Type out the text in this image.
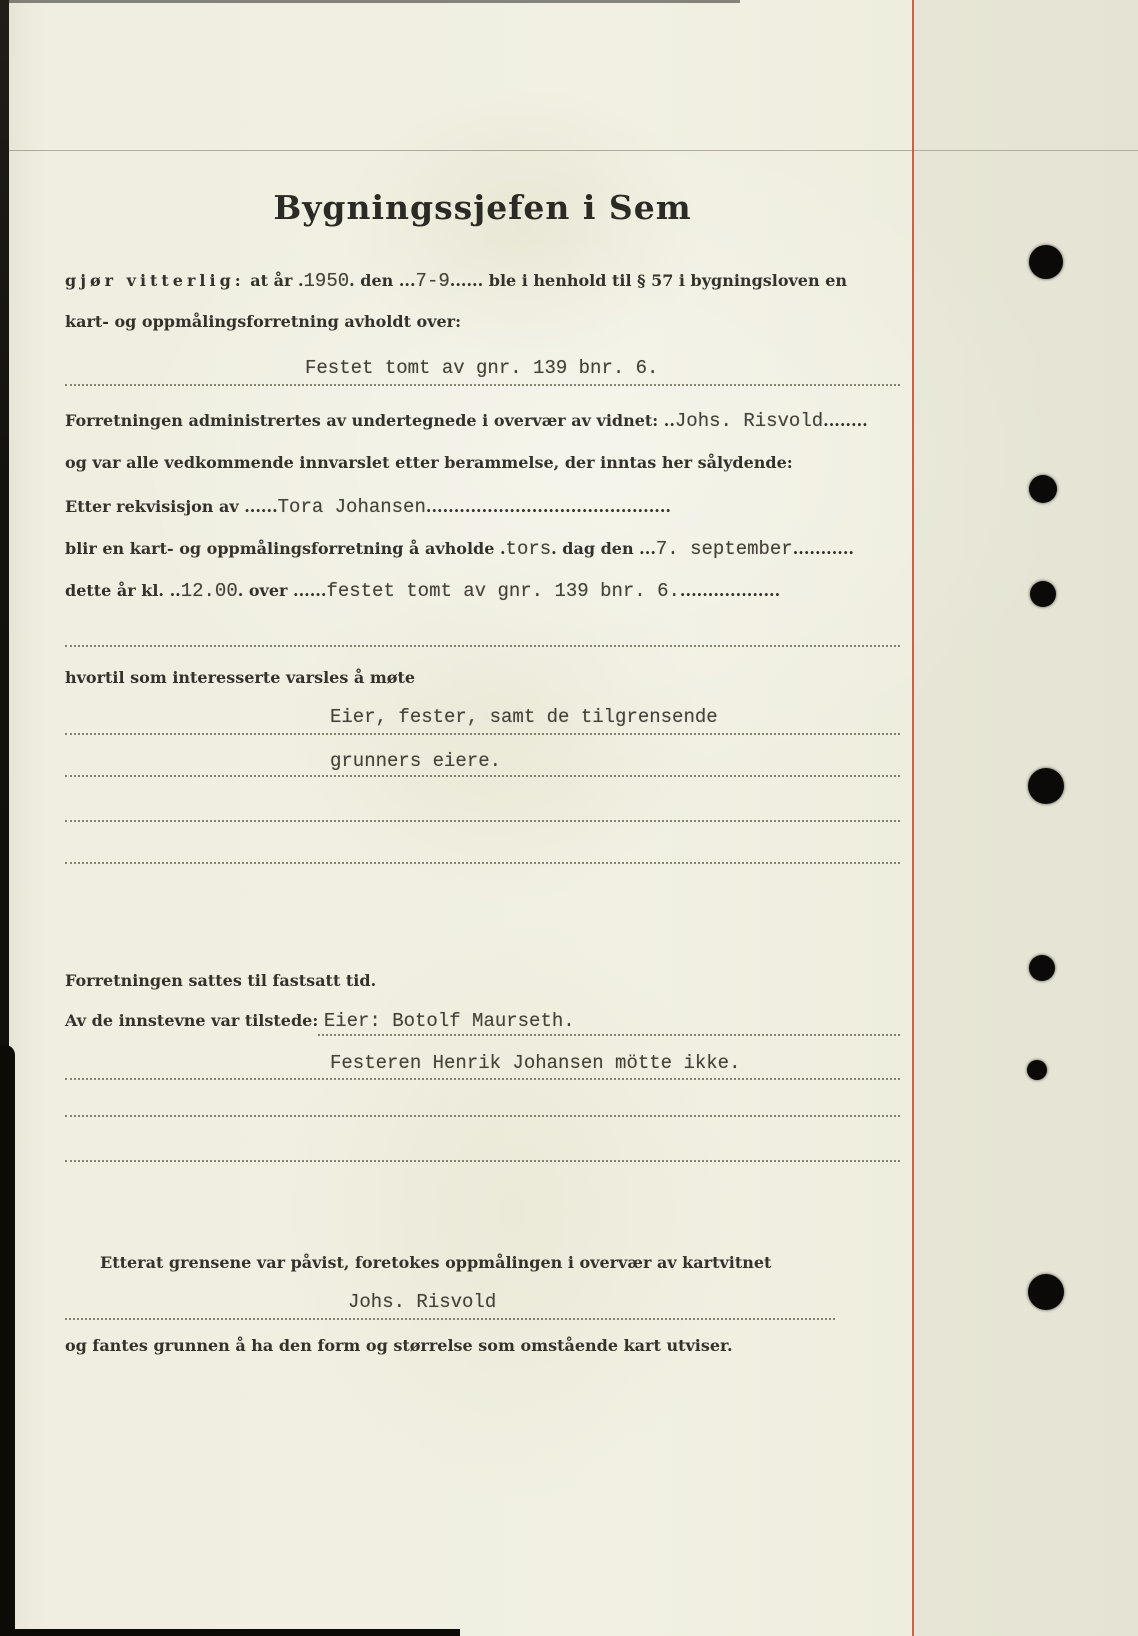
Bygningssjefen i Sem
gjør vitterlig: at år .1950. den ...7-9...... ble i henhold til § 57 i bygningsloven en
kart- og oppmålingsforretning avholdt over:
Festet tomt av gnr. 139 bnr. 6.
Forretningen administrertes av undertegnede i overvær av vidnet: ..Johs. Risvold........
og var alle vedkommende innvarslet etter berammelse, der inntas her sålydende:
Etter rekvisisjon av ......Tora Johansen............................................
blir en kart- og oppmålingsforretning å avholde .tors. dag den ...7. september...........
dette år kl. ..12.00. over ......festet tomt av gnr. 139 bnr. 6...................
hvortil som interesserte varsles å møte
Eier, fester, samt de tilgrensende
grunners eiere.
Forretningen sattes til fastsatt tid.
Av de innstevne var tilstede: Eier: Botolf Maurseth.
Festeren Henrik Johansen mötte ikke.
Etterat grensene var påvist, foretokes oppmålingen i overvær av kartvitnet
Johs. Risvold
og fantes grunnen å ha den form og størrelse som omstående kart utviser.
